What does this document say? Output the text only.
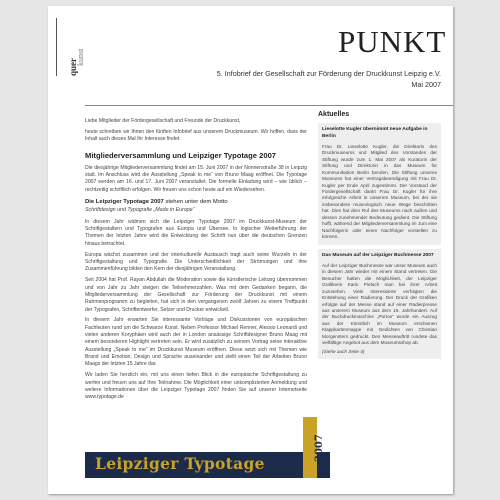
quer
kunst	PUNKT
5. Infobrief der Gesellschaft zur Förderung der Druckkunst Leipzig e.V.
Mai 2007

Liebe Mitglieder der Fördergesellschaft und Freunde der Druckkunst,

heute schreiben wir Ihnen den fünften Infobrief aus unserem Druckmuseum. Wir hoffen, dass der Inhalt auch dieses Mal Ihr Interesse findet.

Mitgliederversammlung und Leipziger Typotage 2007

Die diesjährige Mitgliederversammlung findet am 15. Juni 2007 in der Nonnenstraße 38 in Leipzig statt. Im Anschluss wird die Ausstellung „Speak to me“ von Bruno Maag eröffnet. Die Typotage 2007 werden am 16. und 17. Juni 2007 veranstaltet. Die formelle Einladung wird – wie üblich – rechtzeitig schriftlich erfolgen. Wir freuen uns schon heute auf ein Wiedersehen.

Die Leipziger Typotage 2007 stehen unter dem Motto
Schriftdesign und Typografie „Made in Europe“

In diesem Jahr widmen sich die Leipziger Typotage 2007 im Druckkunst-Museum der Schriftgestaltern und Typografen aus Europa und Übersee. In logischer Weiterführung der Themen der letzten Jahre wird die Entwicklung der Schrift nun über die deutschen Grenzen hinaus betrachtet.

Europa wächst zusammen und der interkulturelle Austausch tragt auch seine Wurzeln in der Schriftgestaltung und Typografie. Die Unterschiedlichkeit der Strömungen und ihre Zusammenführung bilden den Kern der diesjährigen Veranstaltung.

Seit 2004 hat Prof. Rayan Abdullah die Moderation sowie die künstlerische Leitung übernommen und von Jahr zu Jahr steigen die Teilnehmerzahlen. Was mit dem Gedanken begann, die Mitgliederversammlung der Gesellschaft zur Förderung der Druckkunst mit einem Rahmenprogramm zu begleiten, hat sich in den vergangenen zwölf Jahren zu einem Treffpunkt der Typografen, Schriftentwerfer, Setzer und Drucker entwickelt.

In diesem Jahr erwarten Sie interessante Vorträge und Diskussionen von europäischen Fachleuten rund um die Schwarze Kunst. Neben Professor Michael Renner, Alessio Leonardi und vielen anderen Koryphäen wird auch der in London ansässige Schriftdesigner Bruno Maag mit einem besonderen Highlight vertreten sein. Er wird zusätzlich zu seinem Vortrag seine interaktive Ausstellung „Speak to me“ im Druckkunst Museum eröffnen. Diese setzt sich mit Themen wie Brand und Emotion, Design und Sprache auseinander und stellt einen Teil der Arbeiten Bruno Maags der letzten 15 Jahre dar.

Wir laden Sie herzlich ein, mit uns einen tiefen Blick in die europäische Schriftgestaltung zu werfen und freuen uns auf Ihre Teilnahme. Die Möglichkeit einer unkomplizierten Anmeldung und weitere Informationen über die Leipziger Typotage 2007 finden Sie auf unserer Internetseite www.typotage.de

Aktuelles
Lieselotte Kugler übernimmt neue Aufgabe in Berlin

Frau Dr. Lieselotte Kugler, die Direktorin des Druckmuseums und Mitglied des Vorstandes der Stiftung wurde zum 1. Mai 2007 als Kuratorin der Stiftung und Direktorin in das Museum für Kommunikation Berlin berufen. Die Stiftung unseres Museums hat einer Vertragsbeendigung mit Frau Dr. Kugler per Ende April zugestimmt. Der Vorstand der Fördergesellschaft dankt Frau Dr. Kugler für ihre erfolgreiche Arbeit in unserem Museum, bei der sie insbesondere museologisch neue Wege beschritten hat. Dies hat dem Ruf des Museums nach außen und dessen zunehmender Bedeutung gedient. Die Stiftung hofft, während der Mitgliederversammlung im Juni eine Nachfolgerin oder einen Nachfolger vorstellen zu können.

Das Museum auf der Leipziger Buchmesse 2007

Auf der Leipziger Buchmesse war unser Museum auch in diesem Jahr wieder mit einem Stand vertreten. Die Besucher hatten die Möglichkeit, der Leipziger Grafikerin Karin Pietsch man bei ihrer Arbeit zuzusehen. Viele Interessierte verfolgten die Entstehung einer Radierung. Der Druck der Grafiken erfolgte auf der Messe stand auf einer Radierpresse aus unserem Museum aus dem 19. Jahrhundert. Auf der Buchdruckmaschine „Portos“ wurde ein Auszug aus der Künstlich im Museum erschienen Klappkartenmappe mit Gedichten von Christian Morgenstern gedruckt. Den Messeauftritt rundete das vielfältige Angebot aus dem Museumsshop ab.

(Siehe auch Seite 4)
Leipziger Typotage
2007
